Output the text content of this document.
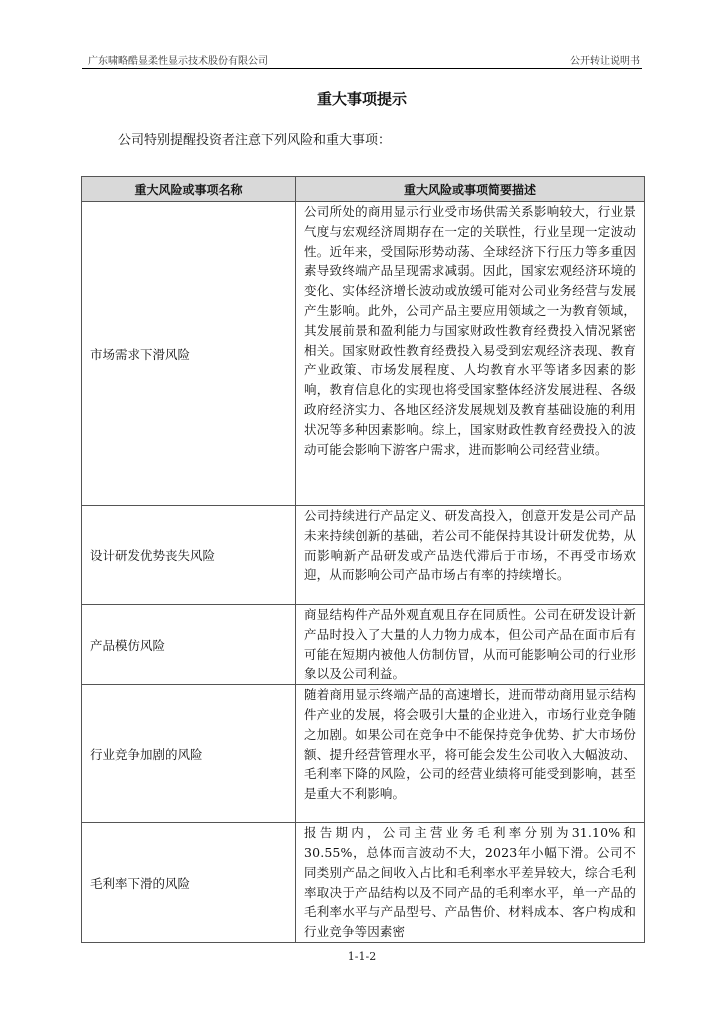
广东啸略酷显柔性显示技术股份有限公司	公开转让说明书
重大事项提示
公司特别提醒投资者注意下列风险和重大事项：
重大风险或事项名称	重大风险或事项简要描述
市场需求下滑风险	公司所处的商用显示行业受市场供需关系影响较大，行业景气度与宏观经济周期存在一定的关联性，行业呈现一定波动性。近年来，受国际形势动荡、全球经济下行压力等多重因素导致终端产品呈现需求减弱。因此，国家宏观经济环境的变化、实体经济增长波动或放缓可能对公司业务经营与发展产生影响。此外，公司产品主要应用领域之一为教育领域，其发展前景和盈利能力与国家财政性教育经费投入情况紧密相关。国家财政性教育经费投入易受到宏观经济表现、教育产业政策、市场发展程度、人均教育水平等诸多因素的影响，教育信息化的实现也将受国家整体经济发展进程、各级政府经济实力、各地区经济发展规划及教育基础设施的利用状况等多种因素影响。综上，国家财政性教育经费投入的波动可能会影响下游客户需求，进而影响公司经营业绩。
设计研发优势丧失风险	公司持续进行产品定义、研发高投入，创意开发是公司产品未来持续创新的基础，若公司不能保持其设计研发优势，从而影响新产品研发或产品迭代滞后于市场，不再受市场欢迎，从而影响公司产品市场占有率的持续增长。
产品模仿风险	商显结构件产品外观直观且存在同质性。公司在研发设计新产品时投入了大量的人力物力成本，但公司产品在面市后有可能在短期内被他人仿制仿冒，从而可能影响公司的行业形象以及公司利益。
行业竞争加剧的风险	随着商用显示终端产品的高速增长，进而带动商用显示结构件产业的发展，将会吸引大量的企业进入，市场行业竞争随之加剧。如果公司在竞争中不能保持竞争优势、扩大市场份额、提升经营管理水平，将可能会发生公司收入大幅波动、毛利率下降的风险，公司的经营业绩将可能受到影响，甚至是重大不利影响。
毛利率下滑的风险	报告期内，公司主营业务毛利率分别为31.10%和30.55%，总体而言波动不大，2023年小幅下滑。公司不同类别产品之间收入占比和毛利率水平差异较大，综合毛利率取决于产品结构以及不同产品的毛利率水平，单一产品的毛利率水平与产品型号、产品售价、材料成本、客户构成和行业竞争等因素密
1-1-2
